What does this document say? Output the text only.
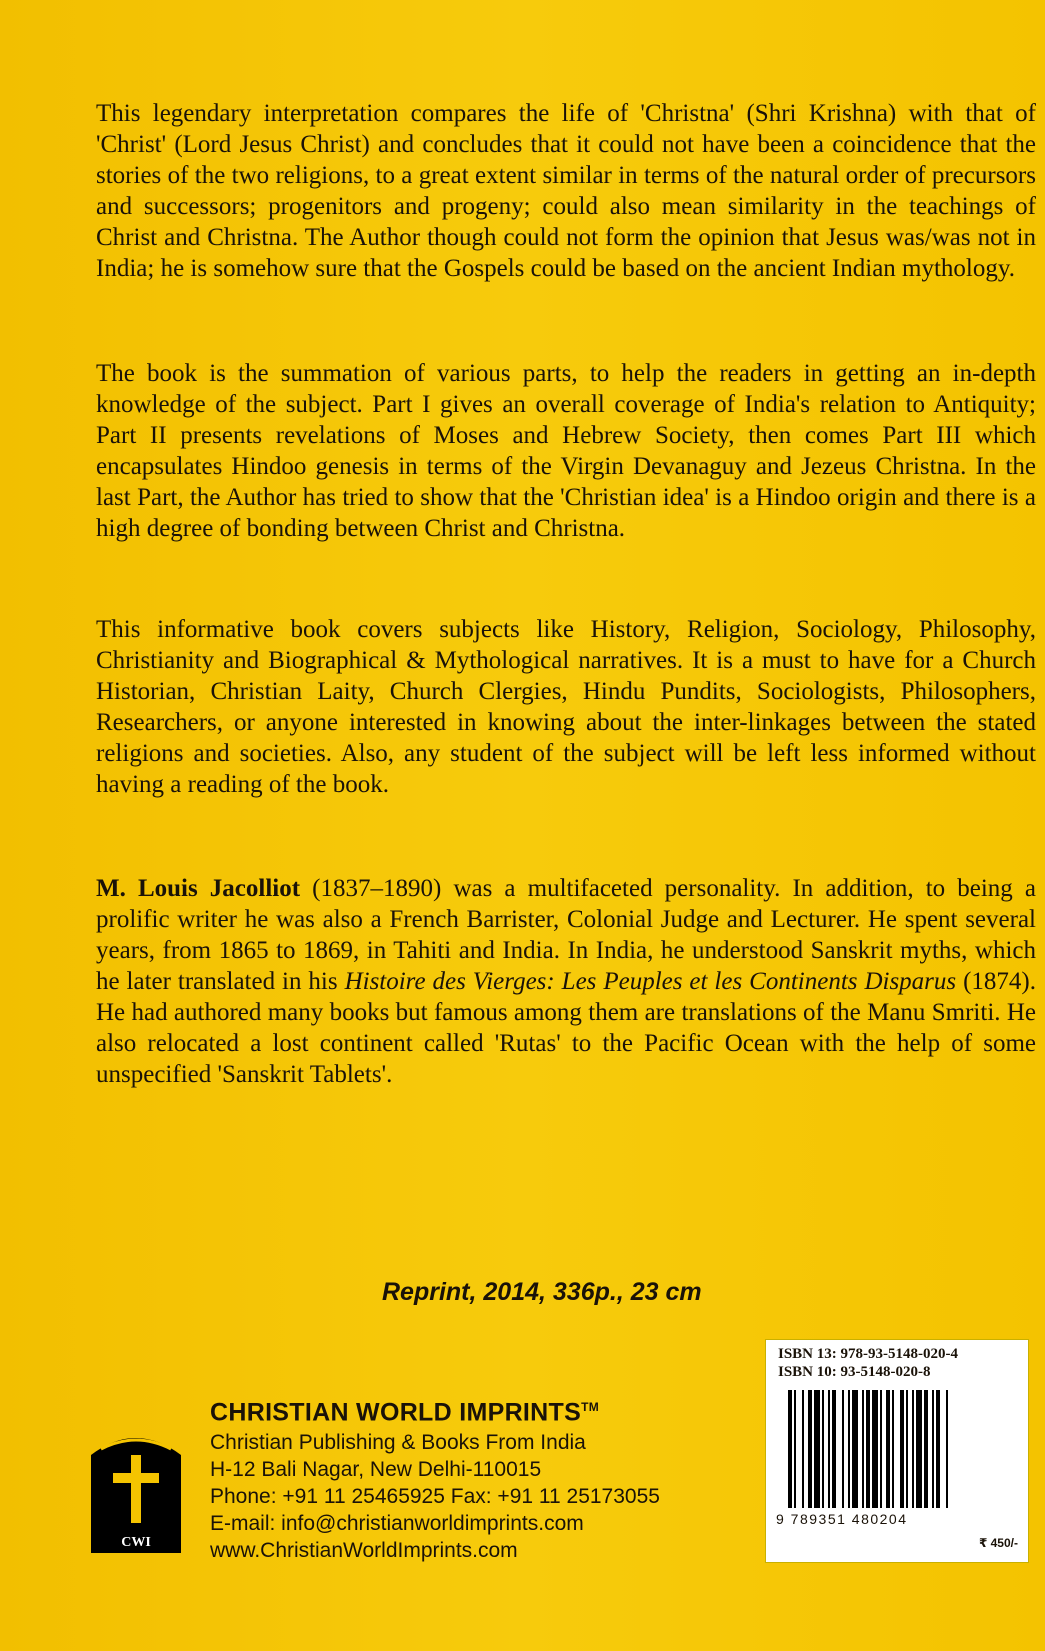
This legendary interpretation compares the life of 'Christna' (Shri Krishna) with that of 'Christ' (Lord Jesus Christ) and concludes that it could not have been a coincidence that the stories of the two religions, to a great extent similar in terms of the natural order of precursors and successors; progenitors and progeny; could also mean similarity in the teachings of Christ and Christna. The Author though could not form the opinion that Jesus was/was not in India; he is somehow sure that the Gospels could be based on the ancient Indian mythology.

The book is the summation of various parts, to help the readers in getting an in-depth knowledge of the subject. Part I gives an overall coverage of India's relation to Antiquity; Part II presents revelations of Moses and Hebrew Society, then comes Part III which encapsulates Hindoo genesis in terms of the Virgin Devanaguy and Jezeus Christna. In the last Part, the Author has tried to show that the 'Christian idea' is a Hindoo origin and there is a high degree of bonding between Christ and Christna.

This informative book covers subjects like History, Religion, Sociology, Philosophy, Christianity and Biographical & Mythological narratives. It is a must to have for a Church Historian, Christian Laity, Church Clergies, Hindu Pundits, Sociologists, Philosophers, Researchers, or anyone interested in knowing about the inter-linkages between the stated religions and societies. Also, any student of the subject will be left less informed without having a reading of the book.

M. Louis Jacolliot (1837–1890) was a multifaceted personality. In addition, to being a prolific writer he was also a French Barrister, Colonial Judge and Lecturer. He spent several years, from 1865 to 1869, in Tahiti and India. In India, he understood Sanskrit myths, which he later translated in his Histoire des Vierges: Les Peuples et les Continents Disparus (1874). He had authored many books but famous among them are translations of the Manu Smriti. He also relocated a lost continent called 'Rutas' to the Pacific Ocean with the help of some unspecified 'Sanskrit Tablets'.

Reprint, 2014, 336p., 23 cm
CWI
CHRISTIAN WORLD IMPRINTS™
Christian Publishing & Books From India
H-12 Bali Nagar, New Delhi-110015
Phone: +91 11 25465925 Fax: +91 11 25173055
E-mail: info@christianworldimprints.com
www.ChristianWorldImprints.com
ISBN 13: 978-93-5148-020-4
ISBN 10: 93-5148-020-8
9 789351 480204
₹ 450/-
